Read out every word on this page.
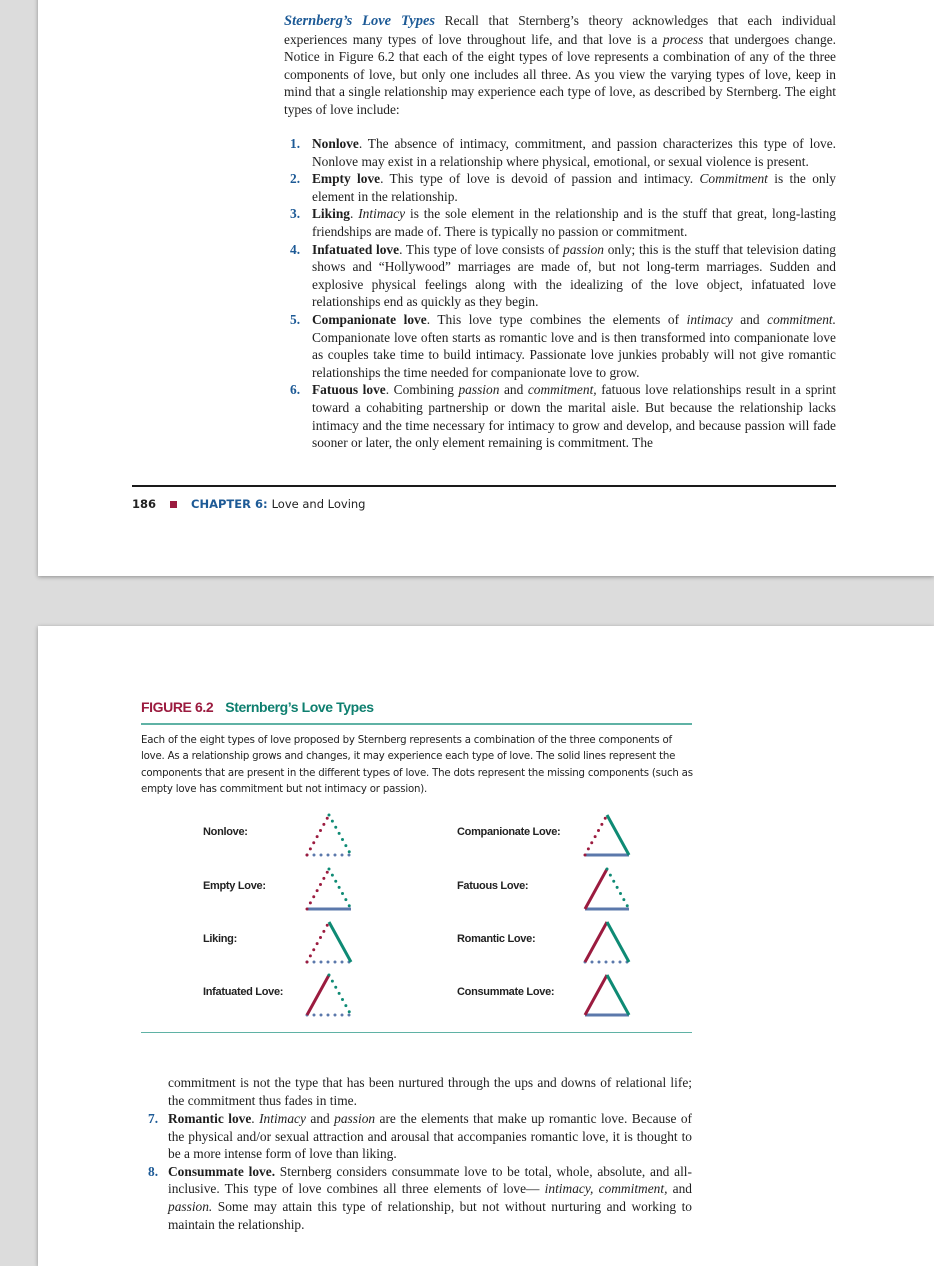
Sternberg’s Love Types Recall that Sternberg’s theory acknowledges that each individual experiences many types of love throughout life, and that love is a process that undergoes change. Notice in Figure 6.2 that each of the eight types of love represents a combination of any of the three components of love, but only one includes all three. As you view the varying types of love, keep in mind that a single relationship may experience each type of love, as described by Sternberg. The eight types of love include:
1. Nonlove. The absence of intimacy, commitment, and passion characterizes this type of love. Nonlove may exist in a relationship where physical, emotional, or sexual violence is present.
2. Empty love. This type of love is devoid of passion and intimacy. Commitment is the only element in the relationship.
3. Liking. Intimacy is the sole element in the relationship and is the stuff that great, long-lasting friendships are made of. There is typically no passion or commitment.
4. Infatuated love. This type of love consists of passion only; this is the stuff that television dating shows and “Hollywood” marriages are made of, but not long-term marriages. Sudden and explosive physical feelings along with the idealizing of the love object, infatuated love relationships end as quickly as they begin.
5. Companionate love. This love type combines the elements of intimacy and commitment. Companionate love often starts as romantic love and is then transformed into companionate love as couples take time to build intimacy. Passionate love junkies probably will not give romantic relationships the time needed for companionate love to grow.
6. Fatuous love. Combining passion and commitment, fatuous love relationships result in a sprint toward a cohabiting partnership or down the marital aisle. But because the relationship lacks intimacy and the time necessary for intimacy to grow and develop, and because passion will fade sooner or later, the only element remaining is commitment. The
186	CHAPTER 6: Love and Loving
FIGURE 6.2 Sternberg’s Love Types
Each of the eight types of love proposed by Sternberg represents a combination of the three components of love. As a relationship grows and changes, it may experience each type of love. The solid lines represent the components that are present in the different types of love. The dots represent the missing components (such as empty love has commitment but not intimacy or passion).
Nonlove:
Empty Love:
Liking:
Infatuated Love:
Companionate Love:
Fatuous Love:
Romantic Love:
Consummate Love:
commitment is not the type that has been nurtured through the ups and downs of relational life; the commitment thus fades in time.
7. Romantic love. Intimacy and passion are the elements that make up romantic love. Because of the physical and/or sexual attraction and arousal that accompanies romantic love, it is thought to be a more intense form of love than liking.
8. Consummate love. Sternberg considers consummate love to be total, whole, absolute, and all-inclusive. This type of love combines all three elements of love— intimacy, commitment, and passion. Some may attain this type of relationship, but not without nurturing and working to maintain the relationship.
